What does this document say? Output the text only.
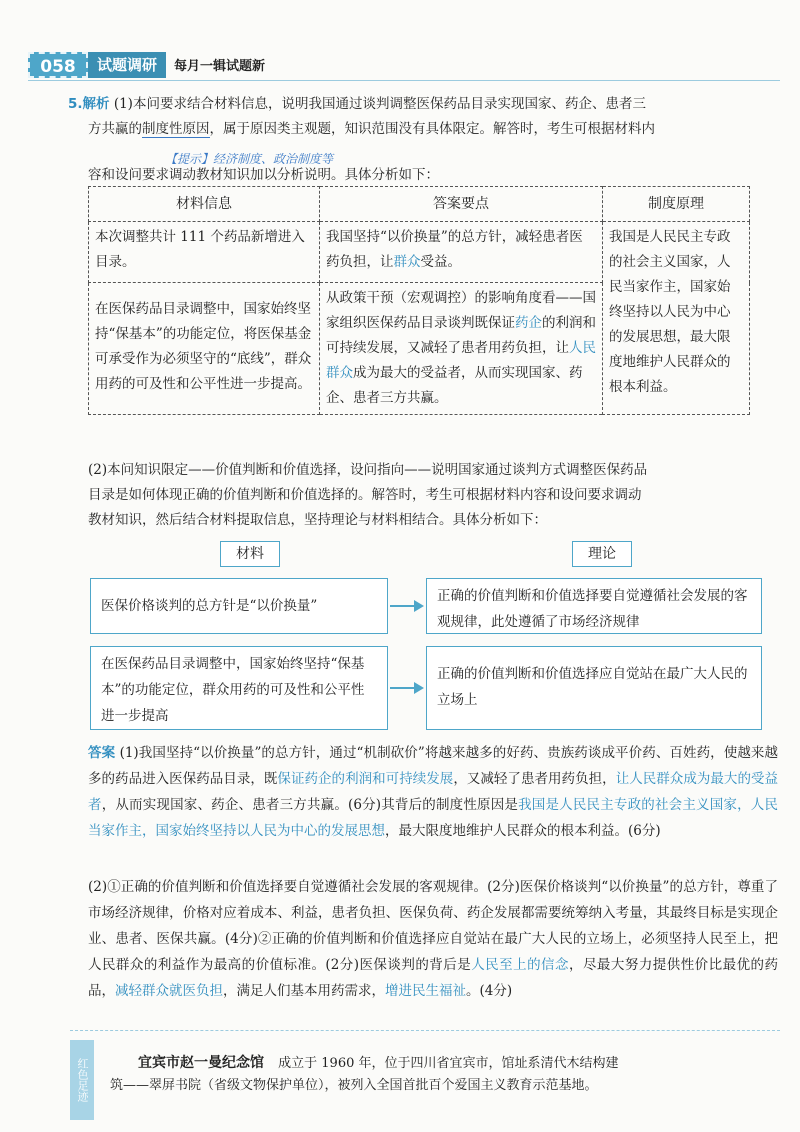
058	试题调研	每月一辑试题新
5.解析 (1)本问要求结合材料信息，说明我国通过谈判调整医保药品目录实现国家、药企、患者三
方共赢的制度性原因，属于原因类主观题，知识范围没有具体限定。解答时，考生可根据材料内
【提示】经济制度、政治制度等
容和设问要求调动教材知识加以分析说明。具体分析如下：
材料信息	答案要点	制度原理
本次调整共计 111 个药品新增进入目录。	我国坚持“以价换量”的总方针，减轻患者医药负担，让群众受益。	我国是人民民主专政的社会主义国家，人民当家作主，国家始终坚持以人民为中心的发展思想，最大限度地维护人民群众的根本利益。
在医保药品目录调整中，国家始终坚持“保基本”的功能定位，将医保基金可承受作为必须坚守的“底线”，群众用药的可及性和公平性进一步提高。	从政策干预（宏观调控）的影响角度看——国家组织医保药品目录谈判既保证药企的利润和可持续发展，又减轻了患者用药负担，让人民群众成为最大的受益者，从而实现国家、药企、患者三方共赢。	
(2)本问知识限定——价值判断和价值选择，设问指向——说明国家通过谈判方式调整医保药品
目录是如何体现正确的价值判断和价值选择的。解答时，考生可根据材料内容和设问要求调动
教材知识，然后结合材料提取信息，坚持理论与材料相结合。具体分析如下：
材料	理论
医保价格谈判的总方针是“以价换量”
正确的价值判断和价值选择要自觉遵循社会发展的客观规律，此处遵循了市场经济规律
在医保药品目录调整中，国家始终坚持“保基本”的功能定位，群众用药的可及性和公平性进一步提高
正确的价值判断和价值选择应自觉站在最广大人民的立场上
答案 (1)我国坚持“以价换量”的总方针，通过“机制砍价”将越来越多的好药、贵族药谈成平价药、百姓药，使越来越多的药品进入医保药品目录，既保证药企的利润和可持续发展，又减轻了患者用药负担，让人民群众成为最大的受益者，从而实现国家、药企、患者三方共赢。(6分)其背后的制度性原因是我国是人民民主专政的社会主义国家，人民当家作主，国家始终坚持以人民为中心的发展思想，最大限度地维护人民群众的根本利益。(6分)
(2)①正确的价值判断和价值选择要自觉遵循社会发展的客观规律。(2分)医保价格谈判“以价换量”的总方针，尊重了市场经济规律，价格对应着成本、利益，患者负担、医保负荷、药企发展都需要统筹纳入考量，其最终目标是实现企业、患者、医保共赢。(4分)②正确的价值判断和价值选择应自觉站在最广大人民的立场上，必须坚持人民至上，把人民群众的利益作为最高的价值标准。(2分)医保谈判的背后是人民至上的信念，尽最大努力提供性价比最优的药品，减轻群众就医负担，满足人们基本用药需求，增进民生福祉。(4分)
红色足迹	宜宾市赵一曼纪念馆 成立于 1960 年，位于四川省宜宾市，馆址系清代木结构建
筑——翠屏书院（省级文物保护单位），被列入全国首批百个爱国主义教育示范基地。
